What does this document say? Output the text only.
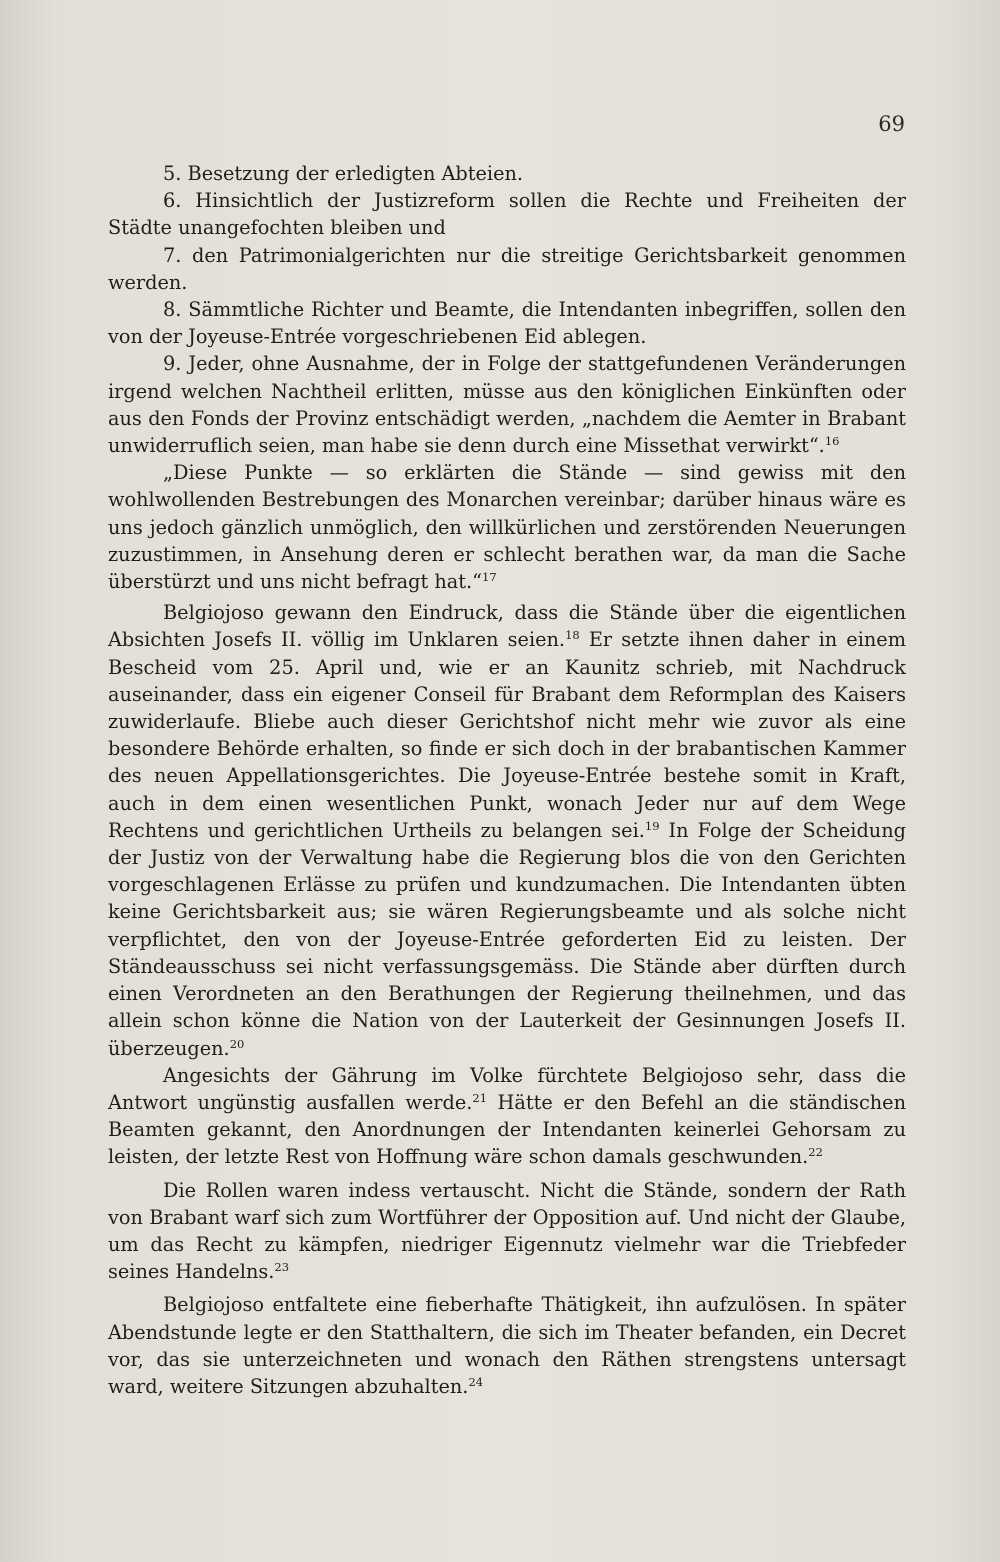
69

5. Besetzung der erledigten Abteien.

6. Hinsichtlich der Justizreform sollen die Rechte und Freiheiten der Städte unangefochten bleiben und

7. den Patrimonialgerichten nur die streitige Gerichtsbarkeit genommen werden.

8. Sämmtliche Richter und Beamte, die Intendanten inbegriffen, sollen den von der Joyeuse-Entrée vorgeschriebenen Eid ablegen.

9. Jeder, ohne Ausnahme, der in Folge der stattgefundenen Veränderungen irgend welchen Nachtheil erlitten, müsse aus den königlichen Einkünften oder aus den Fonds der Provinz entschädigt werden, „nachdem die Aemter in Brabant unwiderruflich seien, man habe sie denn durch eine Missethat verwirkt“.$^{16}$

„Diese Punkte — so erklärten die Stände — sind gewiss mit den wohlwollenden Bestrebungen des Monarchen vereinbar; darüber hinaus wäre es uns jedoch gänzlich unmöglich, den willkürlichen und zerstörenden Neuerungen zuzustimmen, in Ansehung deren er schlecht berathen war, da man die Sache überstürzt und uns nicht befragt hat.“$^{17}$

Belgiojoso gewann den Eindruck, dass die Stände über die eigentlichen Absichten Josefs II. völlig im Unklaren seien.$^{18}$ Er setzte ihnen daher in einem Bescheid vom 25. April und, wie er an Kaunitz schrieb, mit Nachdruck auseinander, dass ein eigener Conseil für Brabant dem Reformplan des Kaisers zuwiderlaufe. Bliebe auch dieser Gerichtshof nicht mehr wie zuvor als eine besondere Behörde erhalten, so finde er sich doch in der brabantischen Kammer des neuen Appellationsgerichtes. Die Joyeuse-Entrée bestehe somit in Kraft, auch in dem einen wesentlichen Punkt, wonach Jeder nur auf dem Wege Rechtens und gerichtlichen Urtheils zu belangen sei.$^{19}$ In Folge der Scheidung der Justiz von der Verwaltung habe die Regierung blos die von den Gerichten vorgeschlagenen Erlässe zu prüfen und kundzumachen. Die Intendanten übten keine Gerichtsbarkeit aus; sie wären Regierungsbeamte und als solche nicht verpflichtet, den von der Joyeuse-Entrée geforderten Eid zu leisten. Der Ständeausschuss sei nicht verfassungsgemäss. Die Stände aber dürften durch einen Verordneten an den Berathungen der Regierung theilnehmen, und das allein schon könne die Nation von der Lauterkeit der Gesinnungen Josefs II. überzeugen.$^{20}$

Angesichts der Gährung im Volke fürchtete Belgiojoso sehr, dass die Antwort ungünstig ausfallen werde.$^{21}$ Hätte er den Befehl an die ständischen Beamten gekannt, den Anordnungen der Intendanten keinerlei Gehorsam zu leisten, der letzte Rest von Hoffnung wäre schon damals geschwunden.$^{22}$

Die Rollen waren indess vertauscht. Nicht die Stände, sondern der Rath von Brabant warf sich zum Wortführer der Opposition auf. Und nicht der Glaube, um das Recht zu kämpfen, niedriger Eigennutz vielmehr war die Triebfeder seines Handelns.$^{23}$

Belgiojoso entfaltete eine fieberhafte Thätigkeit, ihn aufzulösen. In später Abendstunde legte er den Statthaltern, die sich im Theater befanden, ein Decret vor, das sie unterzeichneten und wonach den Räthen strengstens untersagt ward, weitere Sitzungen abzuhalten.$^{24}$
